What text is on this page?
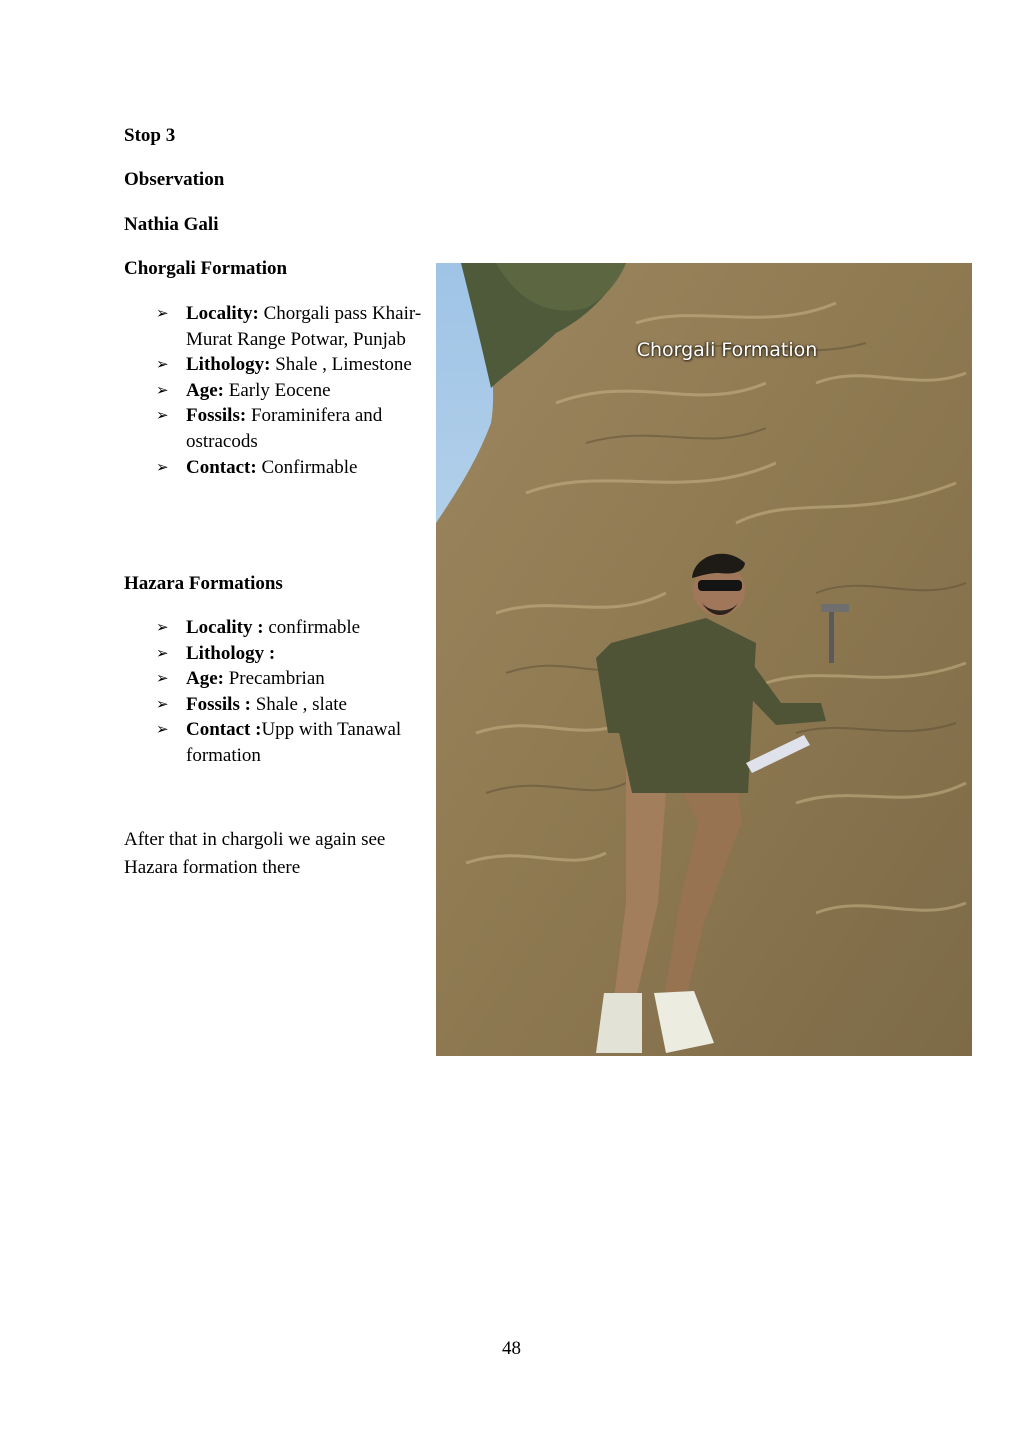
Stop 3
Observation
Nathia Gali
Chorgali Formation
➢ Locality: Chorgali pass Khair-Murat Range Potwar, Punjab
➢ Lithology: Shale , Limestone
➢ Age: Early Eocene
➢ Fossils: Foraminifera and ostracods
➢ Contact: Confirmable
Hazara Formations
➢ Locality : confirmable
➢ Lithology :
➢ Age: Precambrian
➢ Fossils : Shale , slate
➢ Contact :Upp with Tanawal formation
After that in chargoli we again see Hazara formation there
Chorgali Formation
48
